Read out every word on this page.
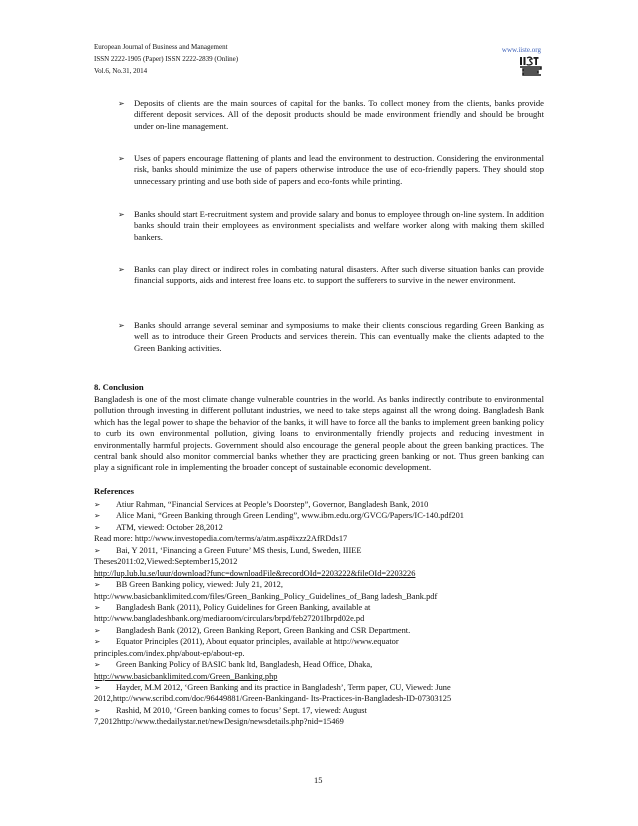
European Journal of Business and Management
ISSN 2222-1905 (Paper) ISSN 2222-2839 (Online)
Vol.6, No.31, 2014
www.iiste.org
➢ Deposits of clients are the main sources of capital for the banks. To collect money from the clients, banks provide different deposit services. All of the deposit products should be made environment friendly and should be brought under on-line management.
➢ Uses of papers encourage flattening of plants and lead the environment to destruction. Considering the environmental risk, banks should minimize the use of papers otherwise introduce the use of eco-friendly papers. They should stop unnecessary printing and use both side of papers and eco-fonts while printing.
➢ Banks should start E-recruitment system and provide salary and bonus to employee through on-line system. In addition banks should train their employees as environment specialists and welfare worker along with making them skilled bankers.
➢ Banks can play direct or indirect roles in combating natural disasters. After such diverse situation banks can provide financial supports, aids and interest free loans etc. to support the sufferers to survive in the newer environment.
➢ Banks should arrange several seminar and symposiums to make their clients conscious regarding Green Banking as well as to introduce their Green Products and services therein. This can eventually make the clients adapted to the Green Banking activities.
8. Conclusion
Bangladesh is one of the most climate change vulnerable countries in the world. As banks indirectly contribute to environmental pollution through investing in different pollutant industries, we need to take steps against all the wrong doing. Bangladesh Bank which has the legal power to shape the behavior of the banks, it will have to force all the banks to implement green banking policy to curb its own environmental pollution, giving loans to environmentally friendly projects and reducing investment in environmentally harmful projects. Government should also encourage the general people about the green banking practices. The central bank should also monitor commercial banks whether they are practicing green banking or not. Thus green banking can play a significant role in implementing the broader concept of sustainable economic development.
References
➢ Atiur Rahman, “Financial Services at People’s Doorstep”, Governor, Bangladesh Bank, 2010
➢ Alice Mani, “Green Banking through Green Lending”, www.ibm.edu.org/GVCG/Papers/IC-140.pdf201
➢ ATM, viewed: October 28,2012
Read more: http://www.investopedia.com/terms/a/atm.asp#ixzz2AfRDds17
➢ Bai, Y 2011, ‘Financing a Green Future’ MS thesis, Lund, Sweden, IIIEE
Theses2011:02,Viewed:September15,2012
http://lup.lub.lu.se/luur/download?func=downloadFile&recordOId=2203222&fileOId=2203226
➢ BB Green Banking policy, viewed: July 21, 2012,
http://www.basicbanklimited.com/files/Green_Banking_Policy_Guidelines_of_Bang ladesh_Bank.pdf
➢ Bangladesh Bank (2011), Policy Guidelines for Green Banking, available at
http://www.bangladeshbank.org/mediaroom/circulars/brpd/feb27201lbrpd02e.pd
➢ Bangladesh Bank (2012), Green Banking Report, Green Banking and CSR Department.
➢ Equator Principles (2011), About equator principles, available at http://www.equator
principles.com/index.php/about-ep/about-ep.
➢ Green Banking Policy of BASIC bank ltd, Bangladesh, Head Office, Dhaka,
http://www.basicbanklimited.com/Green_Banking.php
➢ Hayder, M.M 2012, ‘Green Banking and its practice in Bangladesh’, Term paper, CU, Viewed: June
2012,http://www.scribd.com/doc/96449881/Green-Bankingand- Its-Practices-in-Bangladesh-ID-07303125
➢ Rashid, M 2010, ‘Green banking comes to focus’ Sept. 17, viewed: August
7,2012http://www.thedailystar.net/newDesign/newsdetails.php?nid=15469
15
